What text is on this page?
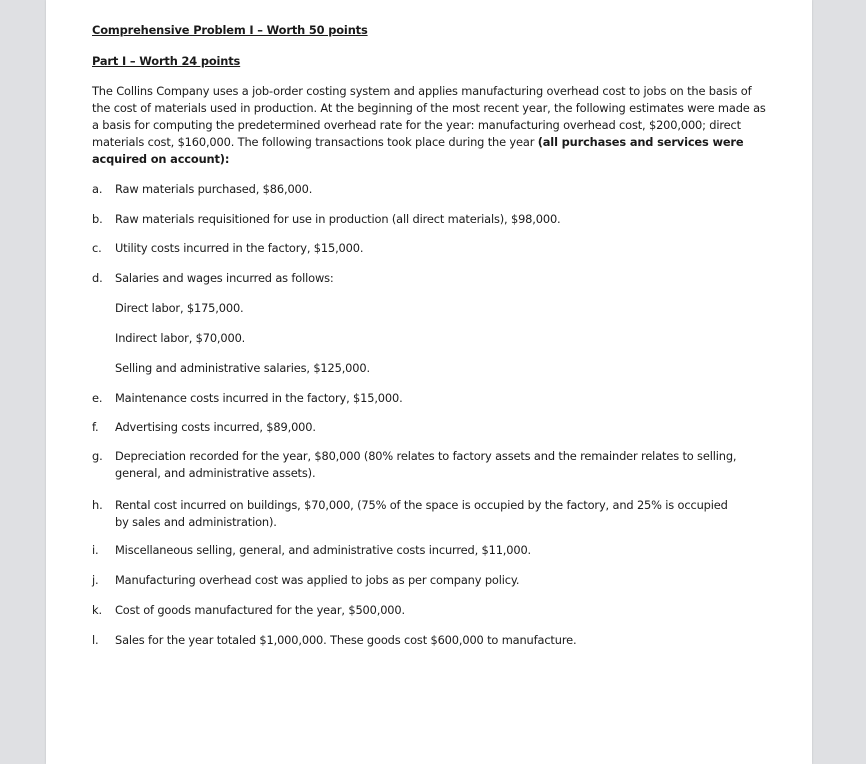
Comprehensive Problem I – Worth 50 points
Part I – Worth 24 points
The Collins Company uses a job-order costing system and applies manufacturing overhead cost to jobs on the basis of the cost of materials used in production. At the beginning of the most recent year, the following estimates were made as a basis for computing the predetermined overhead rate for the year: manufacturing overhead cost, $200,000; direct materials cost, $160,000. The following transactions took place during the year (all purchases and services were acquired on account):
a.	Raw materials purchased, $86,000.
b.	Raw materials requisitioned for use in production (all direct materials), $98,000.
c.	Utility costs incurred in the factory, $15,000.
d.	Salaries and wages incurred as follows:
Direct labor, $175,000.
Indirect labor, $70,000.
Selling and administrative salaries, $125,000.
e.	Maintenance costs incurred in the factory, $15,000.
f.	Advertising costs incurred, $89,000.
g.	Depreciation recorded for the year, $80,000 (80% relates to factory assets and the remainder relates to selling, general, and administrative assets).
h.	Rental cost incurred on buildings, $70,000, (75% of the space is occupied by the factory, and 25% is occupied by sales and administration).
i.	Miscellaneous selling, general, and administrative costs incurred, $11,000.
j.	Manufacturing overhead cost was applied to jobs as per company policy.
k.	Cost of goods manufactured for the year, $500,000.
l.	Sales for the year totaled $1,000,000. These goods cost $600,000 to manufacture.
